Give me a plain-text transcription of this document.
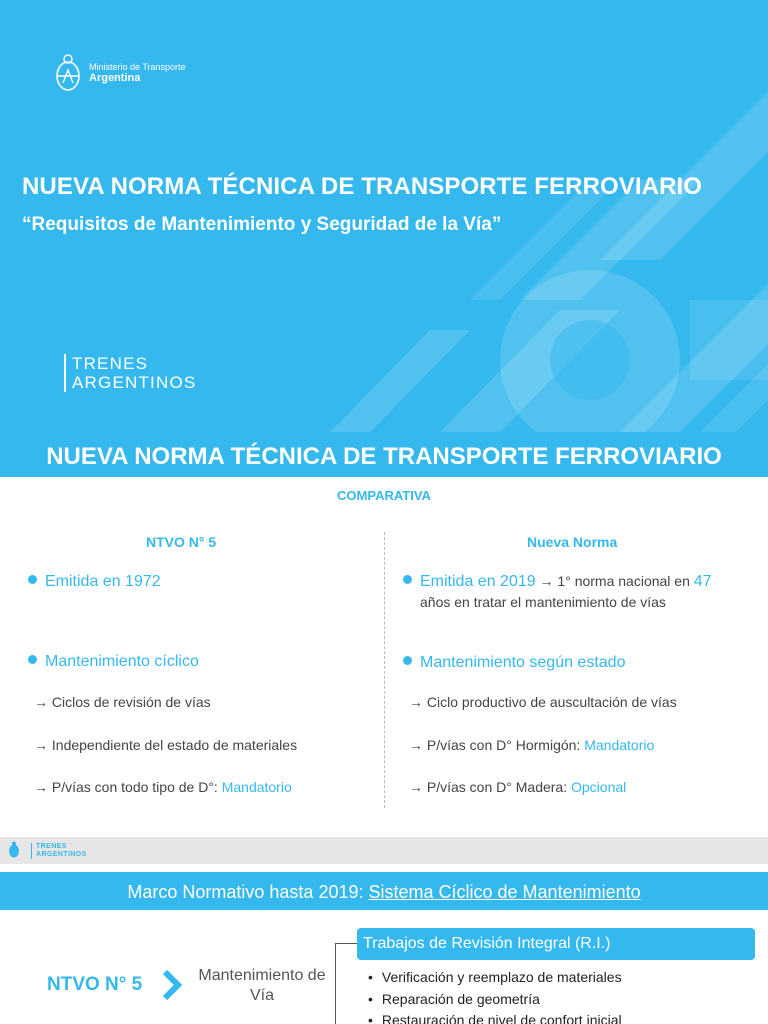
Ministerio de Transporte
Argentina
NUEVA NORMA TÉCNICA DE TRANSPORTE FERROVIARIO
“Requisitos de Mantenimiento y Seguridad de la Vía”
TRENES
ARGENTINOS
NUEVA NORMA TÉCNICA DE TRANSPORTE FERROVIARIO
COMPARATIVA
NTVO N° 5	Nueva Norma
Emitida en 1972
Mantenimiento cíclico
→ Ciclos de revisión de vías
→ Independiente del estado de materiales
→ P/vías con todo tipo de D°: Mandatorio
Emitida en 2019 → 1° norma nacional en 47
años en tratar el mantenimiento de vías
Mantenimiento según estado
→ Ciclo productivo de auscultación de vías
→ P/vías con D° Hormigón: Mandatorio
→ P/vías con D° Madera: Opcional
TRENES
ARGENTINOS
Marco Normativo hasta 2019: Sistema Cíclico de Mantenimiento
NTVO N° 5	Mantenimiento de Vía
Trabajos de Revisión Integral (R.I.)
• Verificación y reemplazo de materiales
• Reparación de geometría
• Restauración de nivel de confort inicial
